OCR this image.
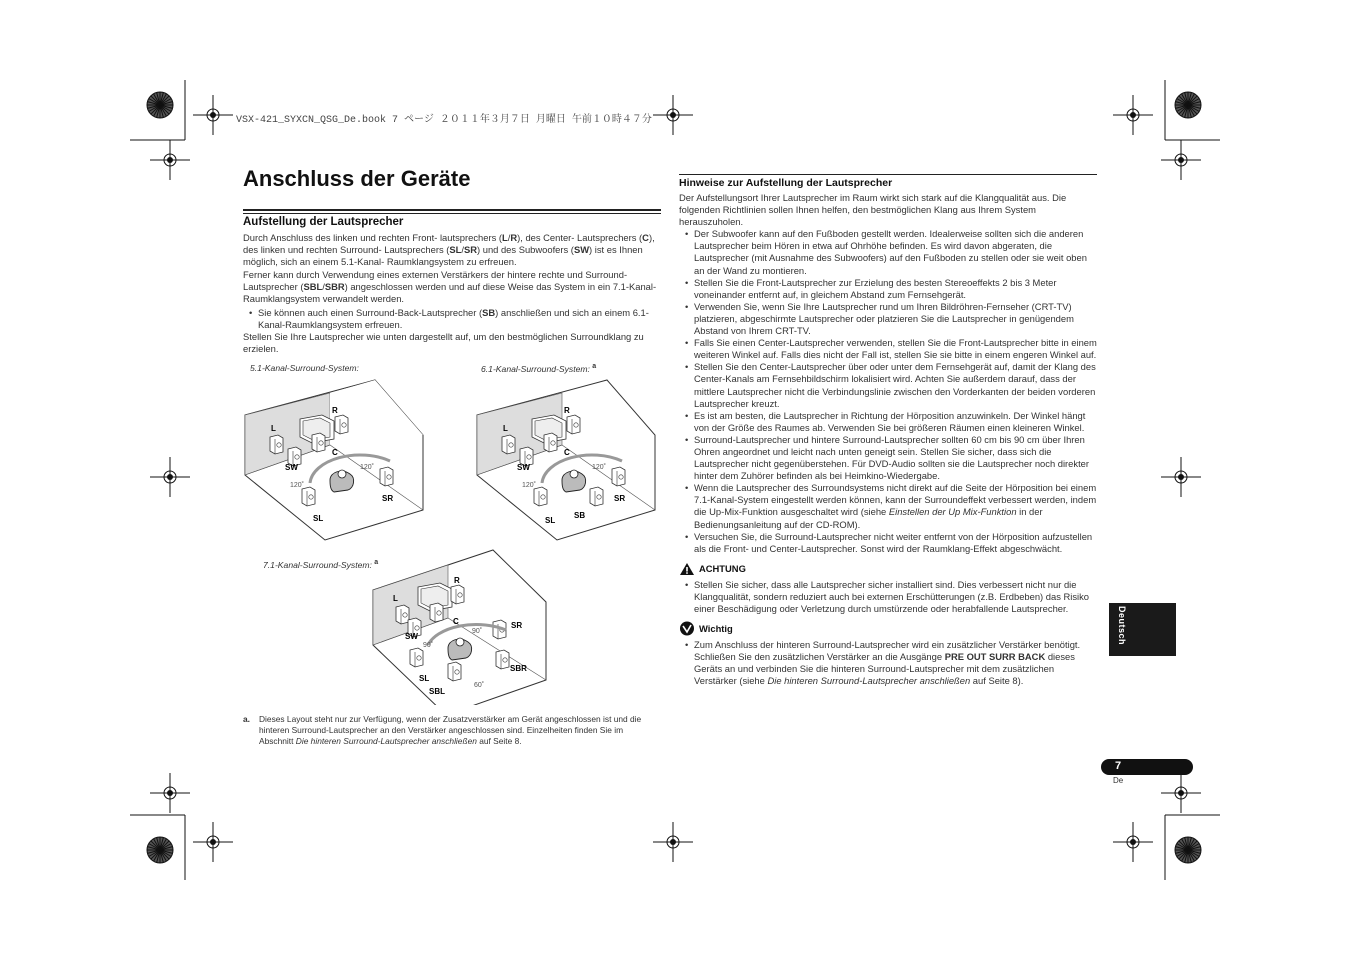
VSX-421_SYXCN_QSG_De.book 7 ページ ２０１１年３月７日 月曜日 午前１０時４７分
Anschluss der Geräte
Aufstellung der Lautsprecher

Durch Anschluss des linken und rechten Front- lautsprechers (L/R), des Center- Lautsprechers (C), des linken und rechten Surround- Lautsprechers (SL/SR) und des Subwoofers (SW) ist es Ihnen möglich, sich an einem 5.1-Kanal- Raumklangsystem zu erfreuen.

Ferner kann durch Verwendung eines externen Verstärkers der hintere rechte und Surround-Lautsprecher (SBL/SBR) angeschlossen werden und auf diese Weise das System in ein 7.1-Kanal-Raumklangsystem verwandelt werden.

• Sie können auch einen Surround-Back-Lautsprecher (SB) anschließen und sich an einem 6.1-Kanal-Raumklangsystem erfreuen.

Stellen Sie Ihre Lautsprecher wie unten dargestellt auf, um den bestmöglichen Surroundklang zu erzielen.

5.1-Kanal-Surround-System:	6.1-Kanal-Surround-System: $^a$
7.1-Kanal-Surround-System: $^a$
L
R
C
SW
SR
SL
120˚
120˚
L
R
C
SW
SR
SL
SB
120˚
120˚
L
R
C
SW
SR
SBR
SL
SBL
90˚
90˚
60˚
a.	Dieses Layout steht nur zur Verfügung, wenn der Zusatzverstärker am Gerät angeschlossen ist und die hinteren Surround-Lautsprecher an den Verstärker angeschlossen sind. Einzelheiten finden Sie im Abschnitt Die hinteren Surround-Lautsprecher anschließen auf Seite 8.

Hinweise zur Aufstellung der Lautsprecher

Der Aufstellungsort Ihrer Lautsprecher im Raum wirkt sich stark auf die Klangqualität aus. Die folgenden Richtlinien sollen Ihnen helfen, den bestmöglichen Klang aus Ihrem System herauszuholen.

• Der Subwoofer kann auf den Fußboden gestellt werden. Idealerweise sollten sich die anderen Lautsprecher beim Hören in etwa auf Ohrhöhe befinden. Es wird davon abgeraten, die Lautsprecher (mit Ausnahme des Subwoofers) auf den Fußboden zu stellen oder sie weit oben an der Wand zu montieren.

• Stellen Sie die Front-Lautsprecher zur Erzielung des besten Stereoeffekts 2 bis 3 Meter voneinander entfernt auf, in gleichem Abstand zum Fernsehgerät.

• Verwenden Sie, wenn Sie Ihre Lautsprecher rund um Ihren Bildröhren-Fernseher (CRT-TV) platzieren, abgeschirmte Lautsprecher oder platzieren Sie die Lautsprecher in genügendem Abstand von Ihrem CRT-TV.

• Falls Sie einen Center-Lautsprecher verwenden, stellen Sie die Front-Lautsprecher bitte in einem weiteren Winkel auf. Falls dies nicht der Fall ist, stellen Sie sie bitte in einem engeren Winkel auf.

• Stellen Sie den Center-Lautsprecher über oder unter dem Fernsehgerät auf, damit der Klang des Center-Kanals am Fernsehbildschirm lokalisiert wird. Achten Sie außerdem darauf, dass der mittlere Lautsprecher nicht die Verbindungslinie zwischen den Vorderkanten der beiden vorderen Lautsprecher kreuzt.

• Es ist am besten, die Lautsprecher in Richtung der Hörposition anzuwinkeln. Der Winkel hängt von der Größe des Raumes ab. Verwenden Sie bei größeren Räumen einen kleineren Winkel.

• Surround-Lautsprecher und hintere Surround-Lautsprecher sollten 60 cm bis 90 cm über Ihren Ohren angeordnet und leicht nach unten geneigt sein. Stellen Sie sicher, dass sich die Lautsprecher nicht gegenüberstehen. Für DVD-Audio sollten sie die Lautsprecher noch direkter hinter dem Zuhörer befinden als bei Heimkino-Wiedergabe.

• Wenn die Lautsprecher des Surroundsystems nicht direkt auf die Seite der Hörposition bei einem 7.1-Kanal-System eingestellt werden können, kann der Surroundeffekt verbessert werden, indem die Up-Mix-Funktion ausgeschaltet wird (siehe Einstellen der Up Mix-Funktion in der Bedienungsanleitung auf der CD-ROM).

• Versuchen Sie, die Surround-Lautsprecher nicht weiter entfernt von der Hörposition aufzustellen als die Front- und Center-Lautsprecher. Sonst wird der Raumklang-Effekt abgeschwächt.

ACHTUNG

• Stellen Sie sicher, dass alle Lautsprecher sicher installiert sind. Dies verbessert nicht nur die Klangqualität, sondern reduziert auch bei externen Erschütterungen (z.B. Erdbeben) das Risiko einer Beschädigung oder Verletzung durch umstürzende oder herabfallende Lautsprecher.

Wichtig

• Zum Anschluss der hinteren Surround-Lautsprecher wird ein zusätzlicher Verstärker benötigt. Schließen Sie den zusätzlichen Verstärker an die Ausgänge PRE OUT SURR BACK dieses Geräts an und verbinden Sie die hinteren Surround-Lautsprecher mit dem zusätzlichen Verstärker (siehe Die hinteren Surround-Lautsprecher anschließen auf Seite 8).

Deutsch
7
De
